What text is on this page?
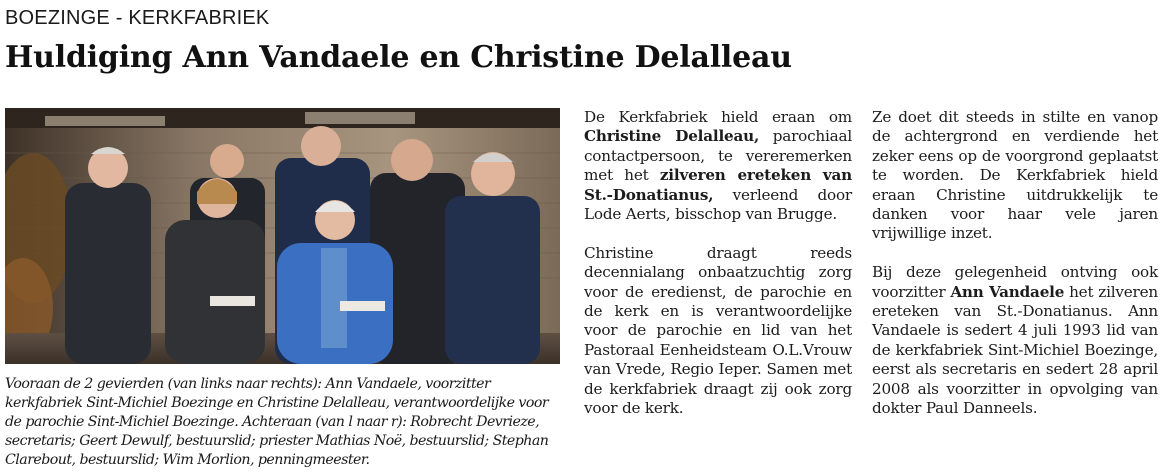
BOEZINGE - KERKFABRIEK
Huldiging Ann Vandaele en Christine Delalleau
Vooraan de 2 gevierden (van links naar rechts): Ann Vandaele, voorzitter kerkfabriek Sint-Michiel Boezinge en Christine Delalleau, verantwoordelijke voor de parochie Sint-Michiel Boezinge. Achteraan (van l naar r): Robrecht Devrieze, secretaris; Geert Dewulf, bestuurslid; priester Mathias Noë, bestuurslid; Stephan Clarebout, bestuurslid; Wim Morlion, penningmeester.

De Kerkfabriek hield eraan om Christine Delalleau, parochiaal contactpersoon, te vereremerken met het zilveren ereteken van St.-Donatianus, verleend door Lode Aerts, bisschop van Brugge.

Christine draagt reeds decennialang onbaatzuchtig zorg voor de eredienst, de parochie en de kerk en is verantwoordelijke voor de parochie en lid van het Pastoraal Eenheidsteam O.L.Vrouw van Vrede, Regio Ieper. Samen met de kerkfabriek draagt zij ook zorg voor de kerk.

Ze doet dit steeds in stilte en vanop de achtergrond en verdiende het zeker eens op de voorgrond geplaatst te worden. De Kerkfabriek hield eraan Christine uitdrukkelijk te danken voor haar vele jaren vrijwillige inzet.

Bij deze gelegenheid ontving ook voorzitter Ann Vandaele het zilveren ereteken van St.-Donatianus. Ann Vandaele is sedert 4 juli 1993 lid van de kerkfabriek Sint-Michiel Boezinge, eerst als secretaris en sedert 28 april 2008 als voorzitter in opvolging van dokter Paul Danneels.
